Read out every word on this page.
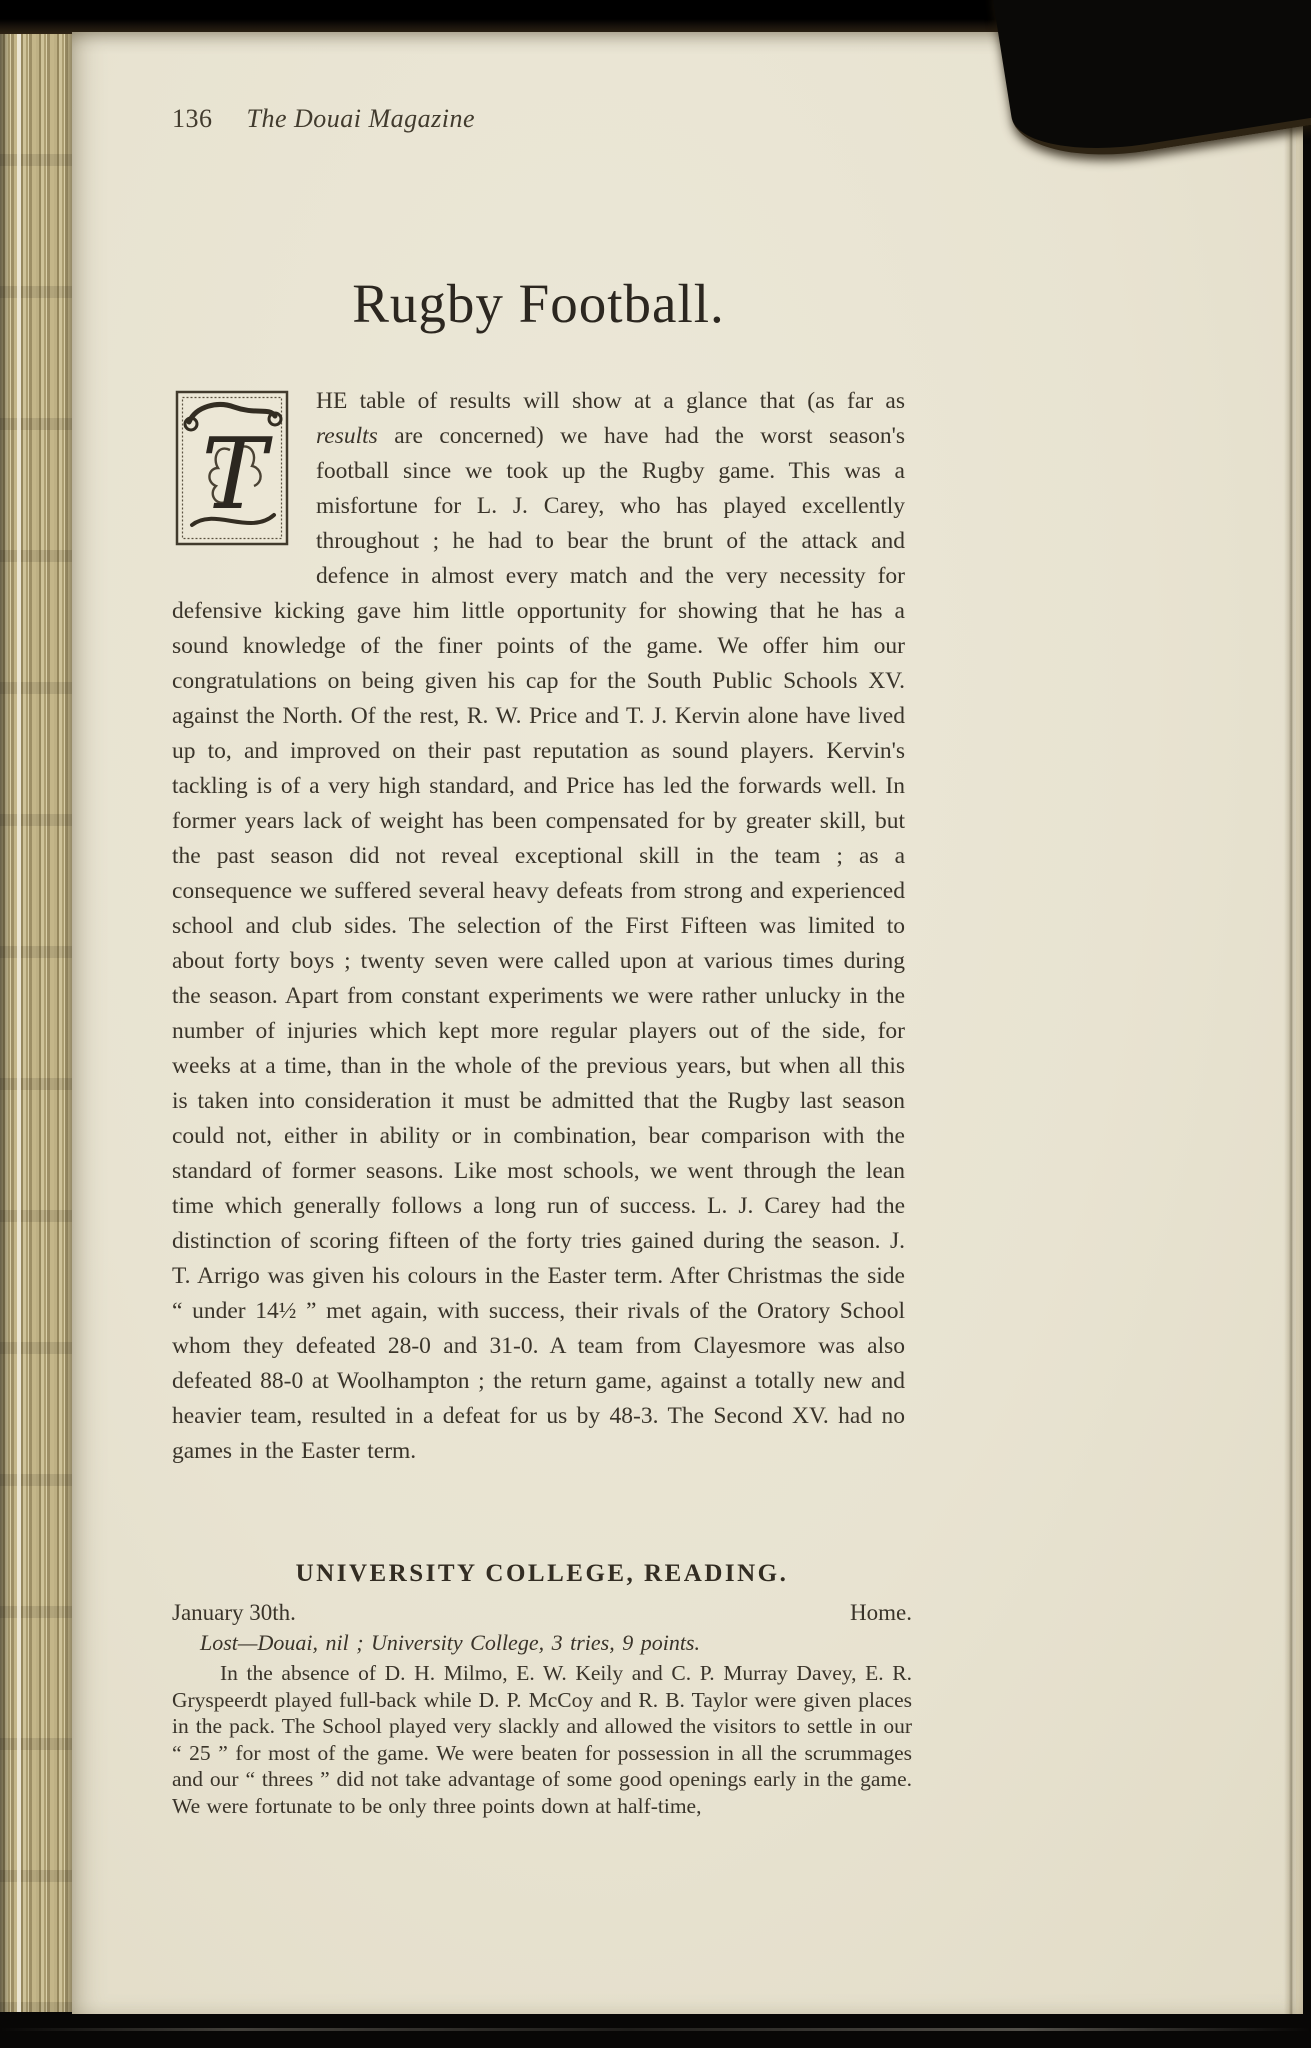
136 The Douai Magazine
Rugby Football.
T
HE table of results will show at a glance that (as far as results are concerned) we have had the worst season's football since we took up the Rugby game. This was a misfortune for L. J. Carey, who has played excellently throughout ; he had to bear the brunt of the attack and defence in almost every match and the very necessity for defensive kicking gave him little opportunity for showing that he has a sound knowledge of the finer points of the game. We offer him our congratulations on being given his cap for the South Public Schools XV. against the North. Of the rest, R. W. Price and T. J. Kervin alone have lived up to, and improved on their past reputation as sound players. Kervin's tackling is of a very high standard, and Price has led the forwards well. In former years lack of weight has been compensated for by greater skill, but the past season did not reveal exceptional skill in the team ; as a consequence we suffered several heavy defeats from strong and experienced school and club sides. The selection of the First Fifteen was limited to about forty boys ; twenty seven were called upon at various times during the season. Apart from constant experiments we were rather unlucky in the number of injuries which kept more regular players out of the side, for weeks at a time, than in the whole of the previous years, but when all this is taken into consideration it must be admitted that the Rugby last season could not, either in ability or in combination, bear comparison with the standard of former seasons. Like most schools, we went through the lean time which generally follows a long run of success. L. J. Carey had the distinction of scoring fifteen of the forty tries gained during the season. J. T. Arrigo was given his colours in the Easter term. After Christmas the side “ under 14½ ” met again, with success, their rivals of the Oratory School whom they defeated 28-0 and 31-0. A team from Clayesmore was also defeated 88-0 at Woolhampton ; the return game, against a totally new and heavier team, resulted in a defeat for us by 48-3. The Second XV. had no games in the Easter term.
UNIVERSITY COLLEGE, READING.
January 30th.	Home.
Lost—Douai, nil ; University College, 3 tries, 9 points.

In the absence of D. H. Milmo, E. W. Keily and C. P. Murray Davey, E. R. Gryspeerdt played full-back while D. P. McCoy and R. B. Taylor were given places in the pack. The School played very slackly and allowed the visitors to settle in our “ 25 ” for most of the game. We were beaten for possession in all the scrummages and our “ threes ” did not take advantage of some good openings early in the game. We were fortunate to be only three points down at half-time,
